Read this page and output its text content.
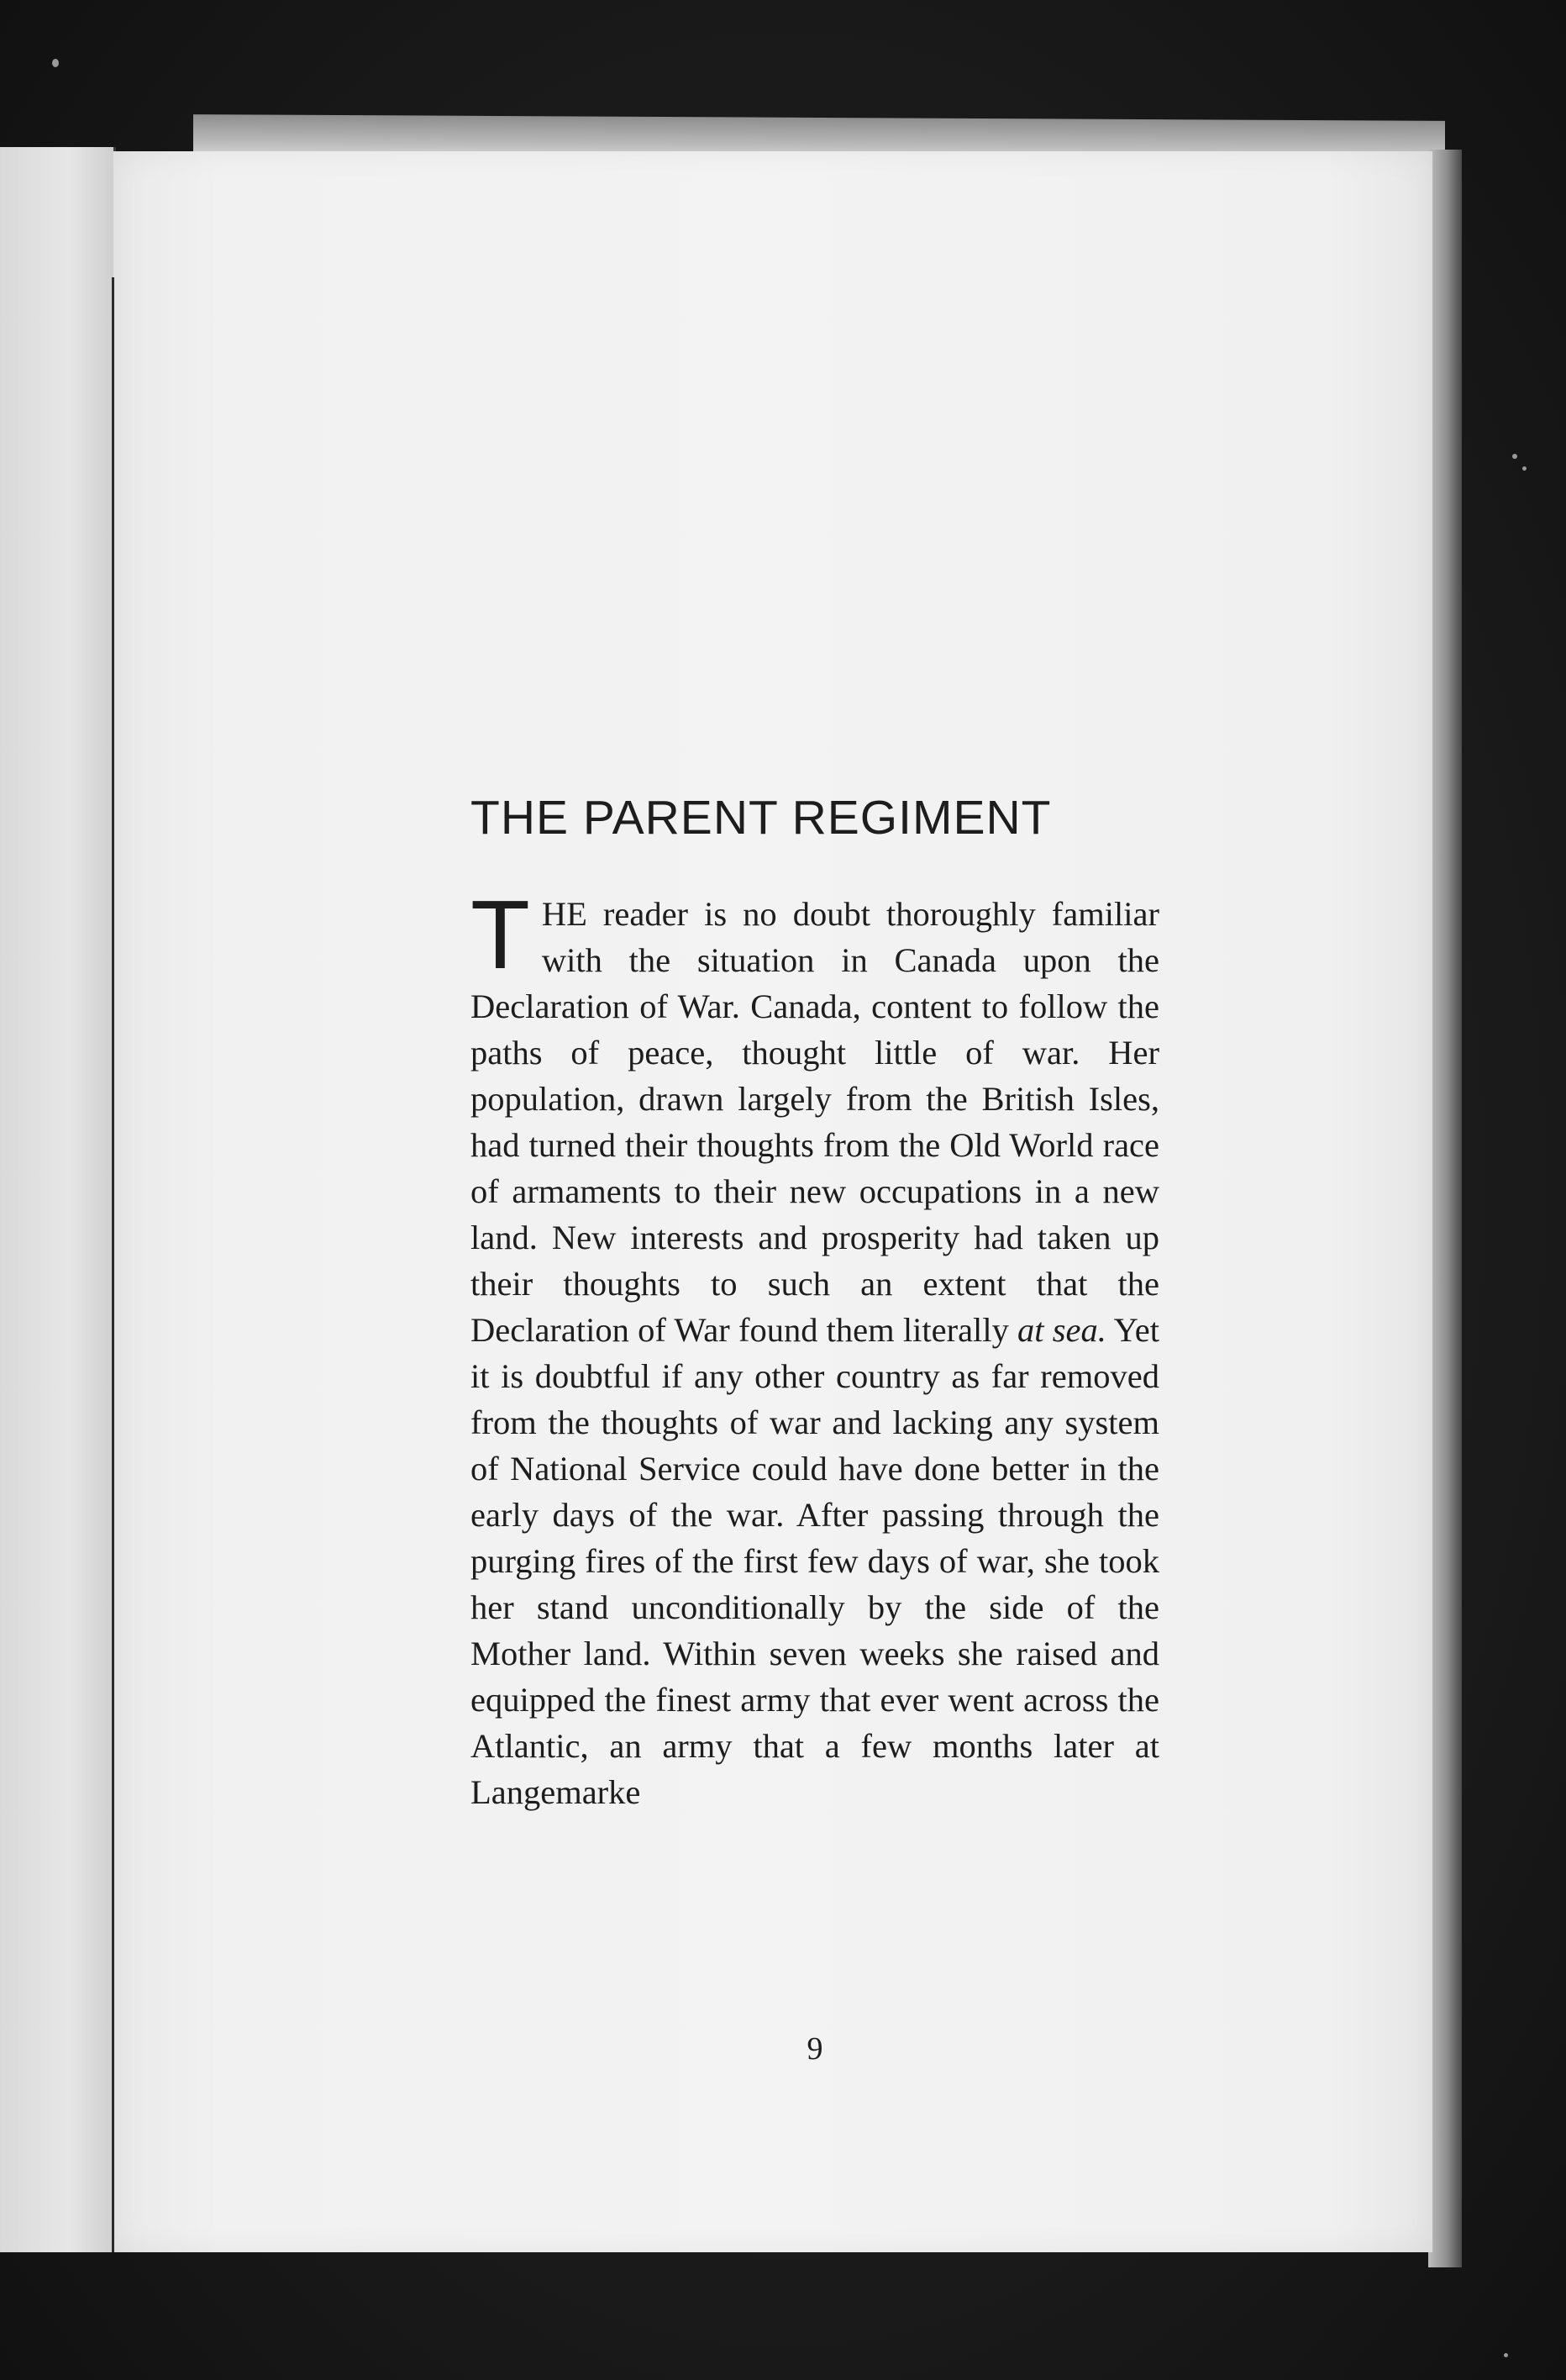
THE PARENT REGIMENT

THE reader is no doubt thoroughly familiar with the situation in Canada upon the Declaration of War. Canada, content to follow the paths of peace, thought little of war. Her population, drawn largely from the British Isles, had turned their thoughts from the Old World race of armaments to their new occupations in a new land. New interests and prosperity had taken up their thoughts to such an extent that the Declaration of War found them literally at sea. Yet it is doubtful if any other country as far removed from the thoughts of war and lacking any system of National Service could have done better in the early days of the war. After passing through the purging fires of the first few days of war, she took her stand unconditionally by the side of the Mother land. Within seven weeks she raised and equipped the finest army that ever went across the Atlantic, an army that a few months later at Langemarke

9
